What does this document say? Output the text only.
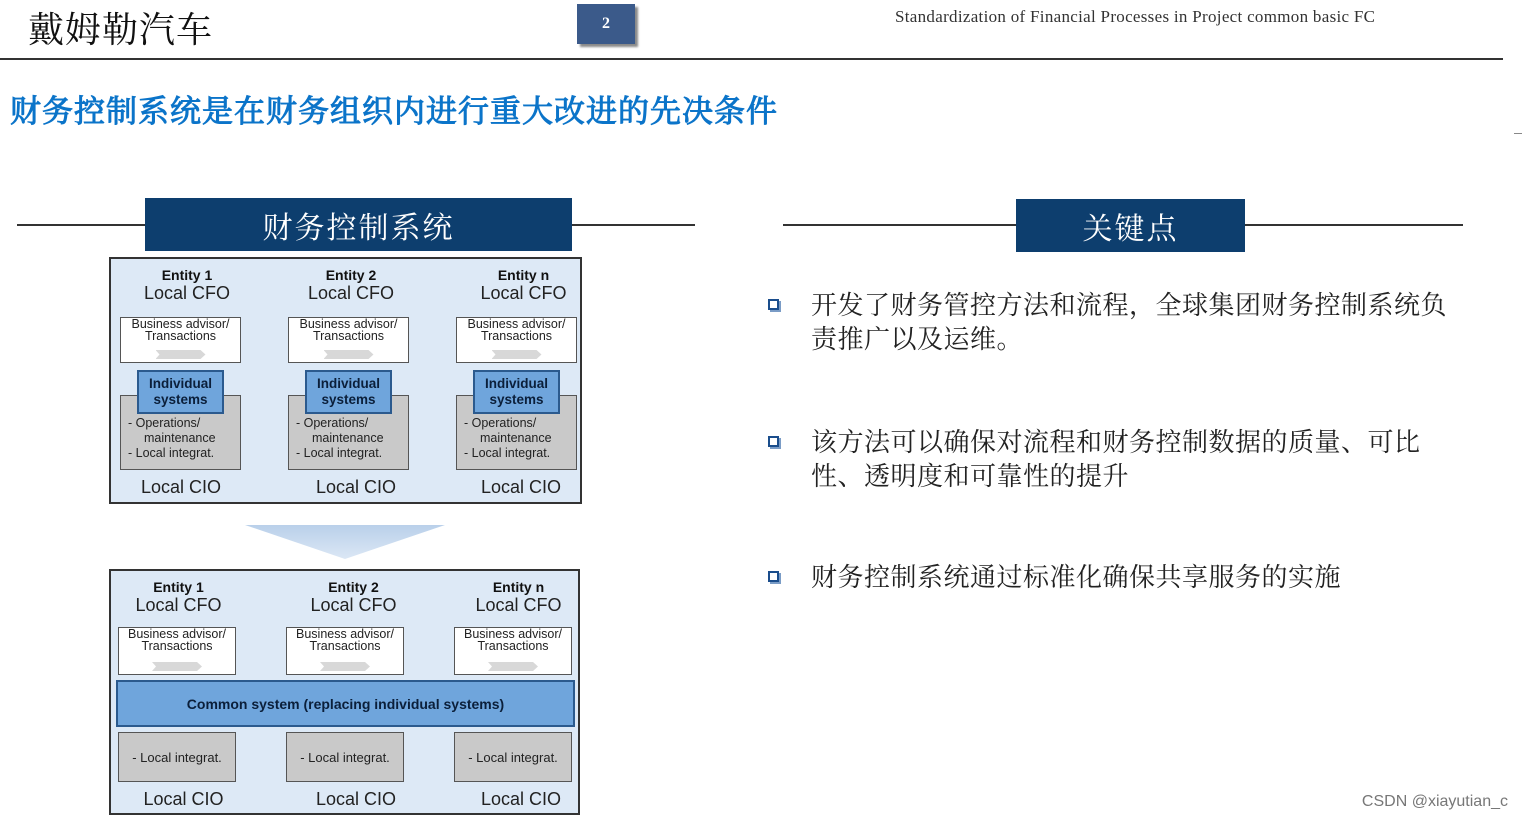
戴姆勒汽车	2	Standardization of Financial Processes in Project common basic FC
财务控制系统是在财务组织内进行重大改进的先决条件
财务控制系统
Entity 1
Local CFO
Business advisor/ Transactions
- Operations/
maintenance
- Local integrat.
Individual systems
Local CIO
Entity 2
Local CFO
Business advisor/ Transactions
- Operations/
maintenance
- Local integrat.
Individual systems
Local CIO
Entity n
Local CFO
Business advisor/ Transactions
- Operations/
maintenance
- Local integrat.
Individual systems
Local CIO
Entity 1
Local CFO
Business advisor/ Transactions
- Local integrat.
Local CIO
Entity 2
Local CFO
Business advisor/ Transactions
- Local integrat.
Local CIO
Entity n
Local CFO
Business advisor/ Transactions
- Local integrat.
Local CIO
Common system (replacing individual systems)
关键点
开发了财务管控方法和流程，全球集团财务控制系统负责推广以及运维。
该方法可以确保对流程和财务控制数据的质量、可比性、透明度和可靠性的提升
财务控制系统通过标准化确保共享服务的实施
CSDN @xiayutian_c
